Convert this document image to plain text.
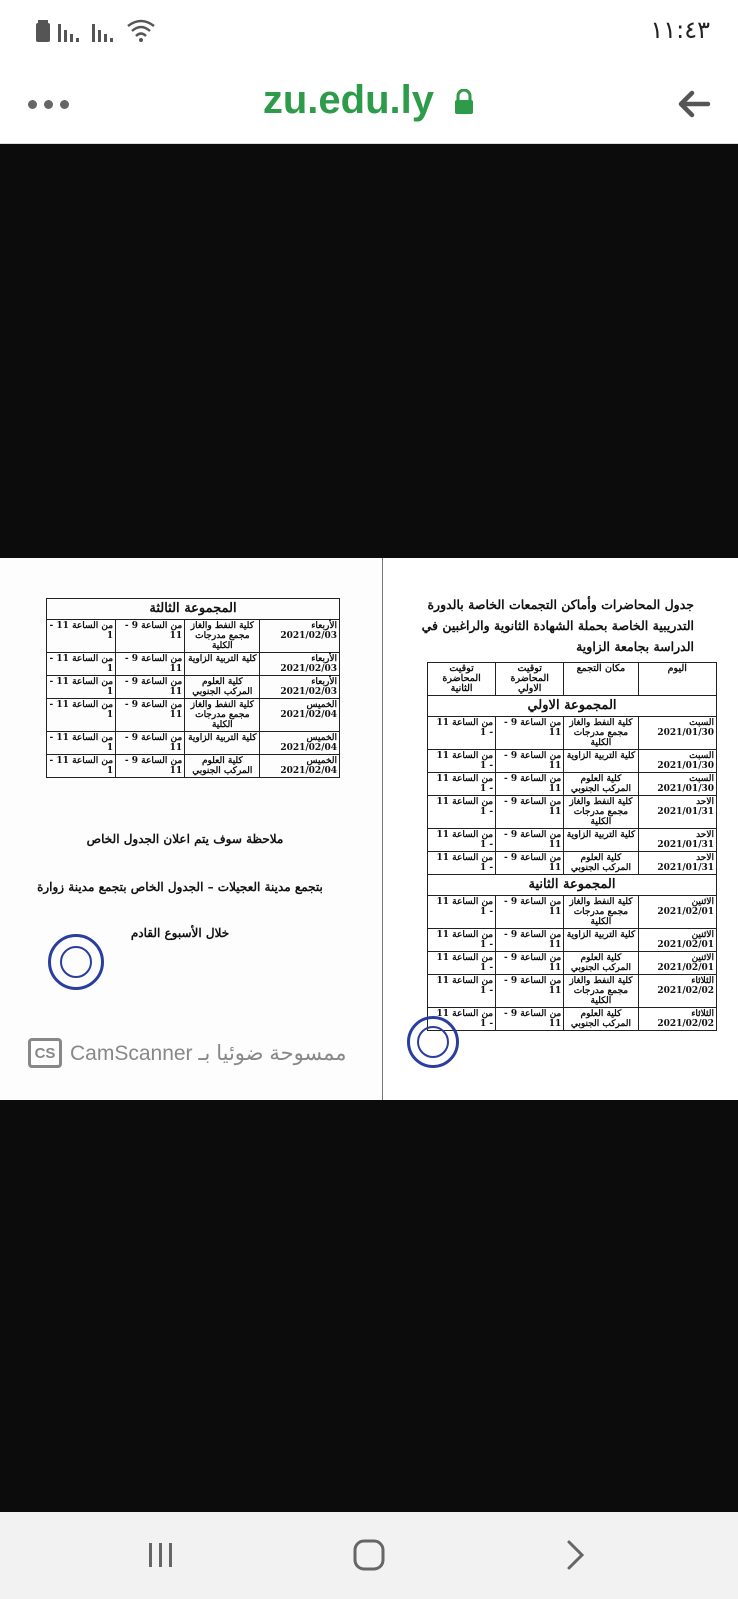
١١:٤٣
zu.edu.ly
المجموعة الثالثة			
الأربعاء 2021/02/03	كلية النفط والغاز مجمع مدرجات الكلية	من الساعة 9 - 11	من الساعة 11 - 1
الأربعاء 2021/02/03	كلية التربية الزاوية	من الساعة 9 - 11	من الساعة 11 - 1
الأربعاء 2021/02/03	كلية العلوم المركب الجنوبي	من الساعة 9 - 11	من الساعة 11 - 1
الخميس 2021/02/04	كلية النفط والغاز مجمع مدرجات الكلية	من الساعة 9 - 11	من الساعة 11 - 1
الخميس 2021/02/04	كلية التربية الزاوية	من الساعة 9 - 11	من الساعة 11 - 1
الخميس 2021/02/04	كلية العلوم المركب الجنوبي	من الساعة 9 - 11	من الساعة 11 - 1
ملاحظة سوف يتم اعلان الجدول الخاص
بتجمع مدينة العجيلات – الجدول الخاص بتجمع مدينة زوارة
خلال الأسبوع القادم
CS ممسوحة ضوئيا بـ CamScanner
جدول المحاضرات وأماكن التجمعات الخاصة بالدورة التدريبية الخاصة بحملة الشهادة الثانوية والراغبين في الدراسة بجامعة الزاوية
اليوم	مكان التجمع	توقيت المحاضرة الاولي	توقيت المحاضرة الثانية
المجموعة الاولي			
السبت 2021/01/30	كلية النفط والغاز مجمع مدرجات الكلية	من الساعة 9 - 11	من الساعة 11 - 1
السبت 2021/01/30	كلية التربية الزاوية	من الساعة 9 - 11	من الساعة 11 - 1
السبت 2021/01/30	كلية العلوم المركب الجنوبي	من الساعة 9 - 11	من الساعة 11 - 1
الاحد 2021/01/31	كلية النفط والغاز مجمع مدرجات الكلية	من الساعة 9 - 11	من الساعة 11 - 1
الاحد 2021/01/31	كلية التربية الزاوية	من الساعة 9 - 11	من الساعة 11 - 1
الاحد 2021/01/31	كلية العلوم المركب الجنوبي	من الساعة 9 - 11	من الساعة 11 - 1
المجموعة الثانية			
الاثنين 2021/02/01	كلية النفط والغاز مجمع مدرجات الكلية	من الساعة 9 - 11	من الساعة 11 - 1
الاثنين 2021/02/01	كلية التربية الزاوية	من الساعة 9 - 11	من الساعة 11 - 1
الاثنين 2021/02/01	كلية العلوم المركب الجنوبي	من الساعة 9 - 11	من الساعة 11 - 1
الثلاثاء 2021/02/02	كلية النفط والغاز مجمع مدرجات الكلية	من الساعة 9 - 11	من الساعة 11 - 1
الثلاثاء 2021/02/02	كلية العلوم المركب الجنوبي	من الساعة 9 - 11	من الساعة 11 - 1
